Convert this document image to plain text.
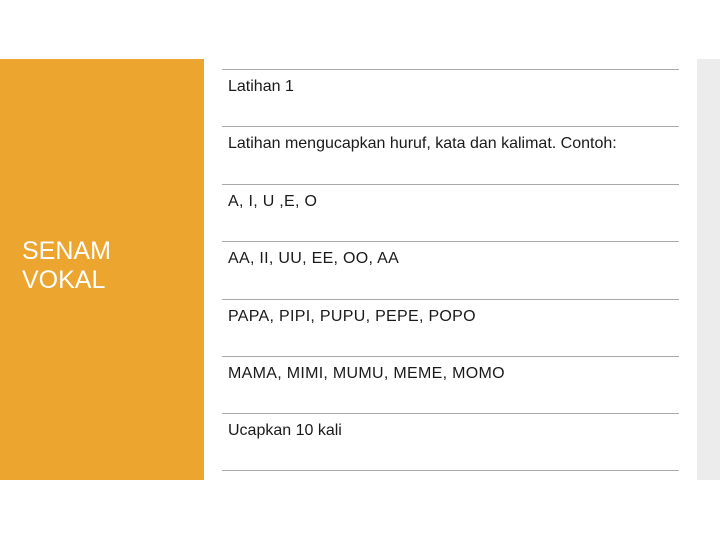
SENAM VOKAL
Latihan 1
Latihan mengucapkan huruf, kata dan kalimat. Contoh:
A, I, U ,E, O
AA, II, UU, EE, OO, AA
PAPA, PIPI, PUPU, PEPE, POPO
MAMA, MIMI, MUMU, MEME, MOMO
Ucapkan 10 kali
